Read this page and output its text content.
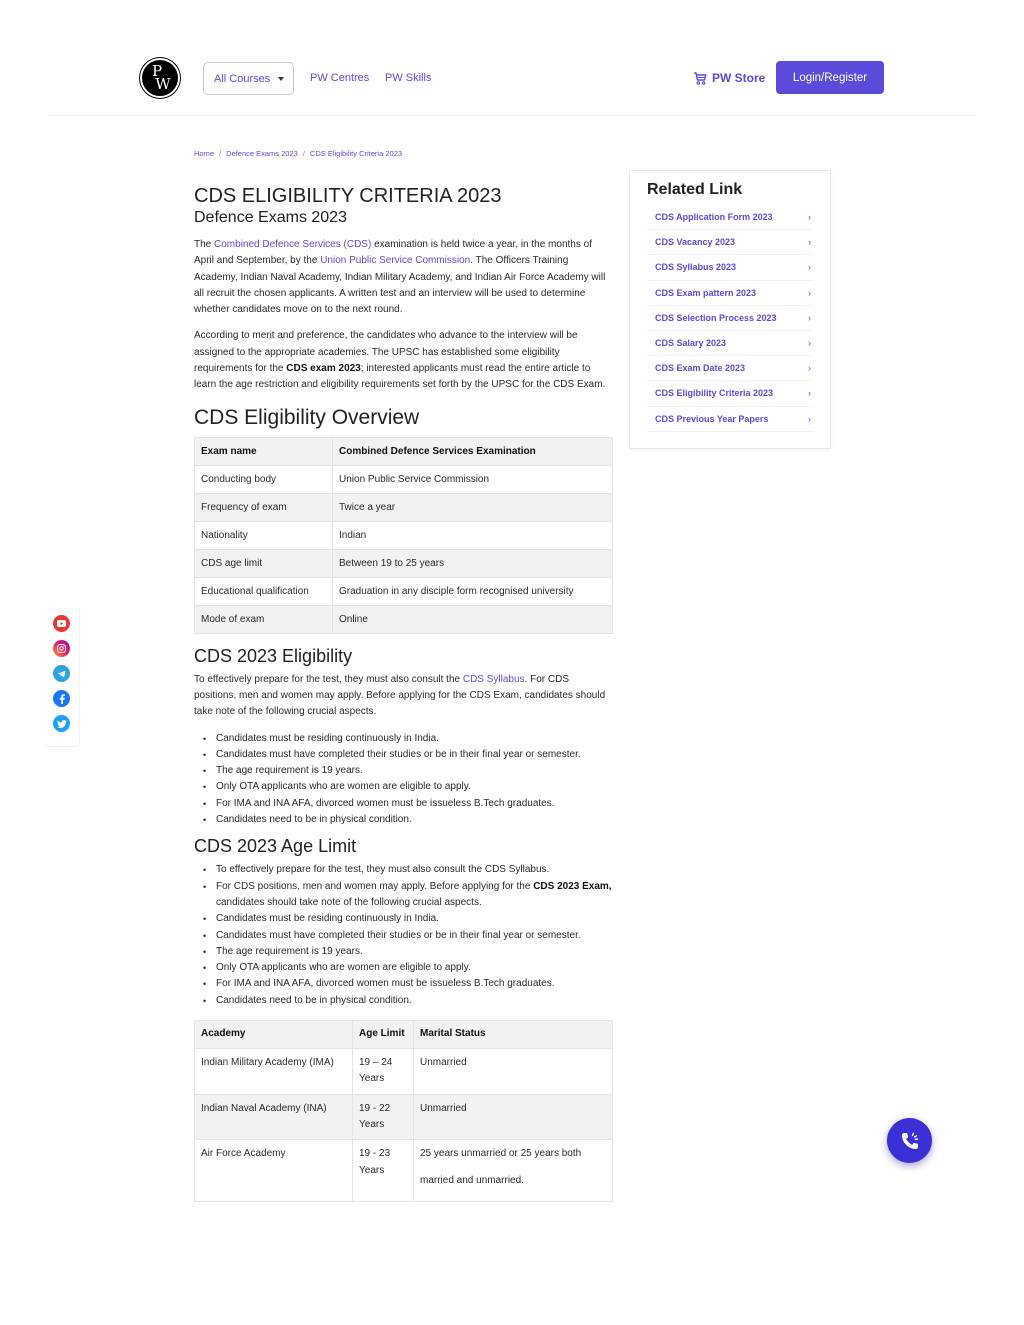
P
W	All Courses	PW Centres PW Skills	PW Store	Login/Register
Home / Defence Exams 2023 / CDS Eligibility Criteria 2023
CDS ELIGIBILITY CRITERIA 2023
Defence Exams 2023

The Combined Defence Services (CDS) examination is held twice a year, in the months of April and September, by the Union Public Service Commission. The Officers Training Academy, Indian Naval Academy, Indian Military Academy, and Indian Air Force Academy will all recruit the chosen applicants. A written test and an interview will be used to determine whether candidates move on to the next round.

According to merit and preference, the candidates who advance to the interview will be assigned to the appropriate academies. The UPSC has established some eligibility requirements for the CDS exam 2023; interested applicants must read the entire article to learn the age restriction and eligibility requirements set forth by the UPSC for the CDS Exam.

CDS Eligibility Overview
Exam name	Combined Defence Services Examination
Conducting body	Union Public Service Commission
Frequency of exam	Twice a year
Nationality	Indian
CDS age limit	Between 19 to 25 years
Educational qualification	Graduation in any disciple form recognised university
Mode of exam	Online
CDS 2023 Eligibility

To effectively prepare for the test, they must also consult the CDS Syllabus. For CDS positions, men and women may apply. Before applying for the CDS Exam, candidates should take note of the following crucial aspects.

• Candidates must be residing continuously in India.
• Candidates must have completed their studies or be in their final year or semester.
• The age requirement is 19 years.
• Only OTA applicants who are women are eligible to apply.
• For IMA and INA AFA, divorced women must be issueless B.Tech graduates.
• Candidates need to be in physical condition.
CDS 2023 Age Limit
• To effectively prepare for the test, they must also consult the CDS Syllabus.
• For CDS positions, men and women may apply. Before applying for the CDS 2023 Exam, candidates should take note of the following crucial aspects.
• Candidates must be residing continuously in India.
• Candidates must have completed their studies or be in their final year or semester.
• The age requirement is 19 years.
• Only OTA applicants who are women are eligible to apply.
• For IMA and INA AFA, divorced women must be issueless B.Tech graduates.
• Candidates need to be in physical condition.
Academy	Age Limit	Marital Status
Indian Military Academy (IMA)	19 – 24 Years	Unmarried
Indian Naval Academy (INA)	19 - 22 Years	Unmarried
Air Force Academy	19 - 23 Years	25 years unmarried or 25 years both married and unmarried.
Related Link
CDS Application Form 2023	›
CDS Vacancy 2023	›
CDS Syllabus 2023	›
CDS Exam pattern 2023	›
CDS Selection Process 2023	›
CDS Salary 2023	›
CDS Exam Date 2023	›
CDS Eligibility Criteria 2023	›
CDS Previous Year Papers	›
